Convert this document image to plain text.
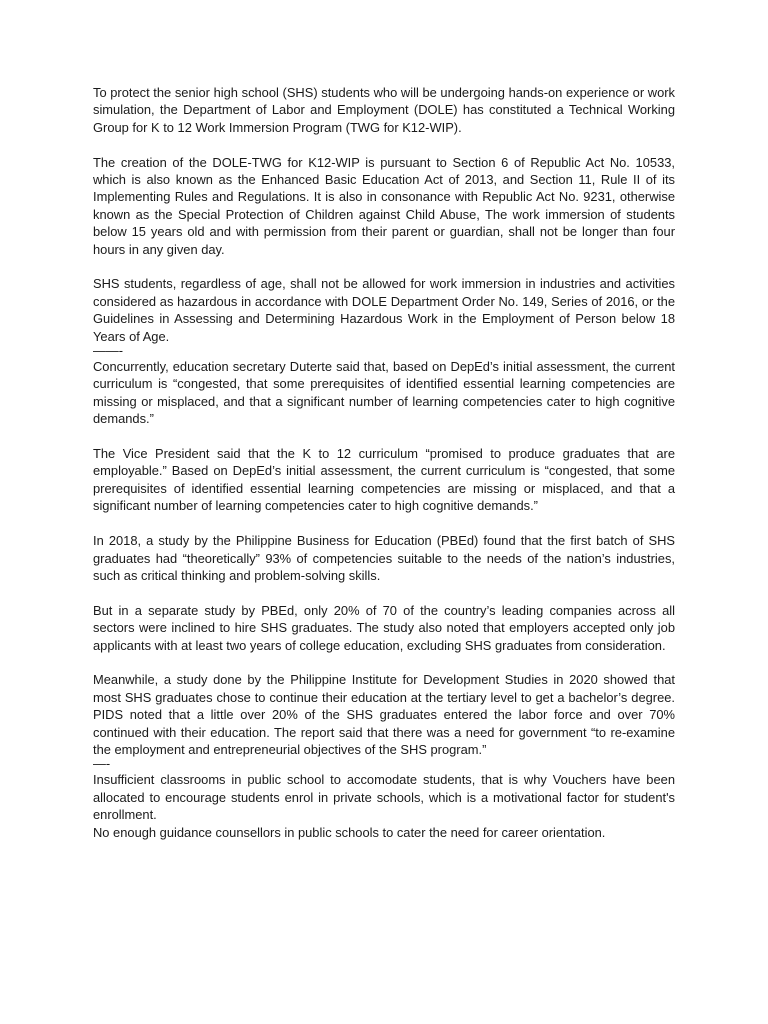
To protect the senior high school (SHS) students who will be undergoing hands-on experience or work simulation, the Department of Labor and Employment (DOLE) has constituted a Technical Working Group for K to 12 Work Immersion Program (TWG for K12-WIP).

The creation of the DOLE-TWG for K12-WIP is pursuant to Section 6 of Republic Act No. 10533, which is also known as the Enhanced Basic Education Act of 2013, and Section 11, Rule II of its Implementing Rules and Regulations. It is also in consonance with Republic Act No. 9231, otherwise known as the Special Protection of Children against Child Abuse, The work immersion of students below 15 years old and with permission from their parent or guardian, shall not be longer than four hours in any given day.

SHS students, regardless of age, shall not be allowed for work immersion in industries and activities considered as hazardous in accordance with DOLE Department Order No. 149, Series of 2016, or the Guidelines in Assessing and Determining Hazardous Work in the Employment of Person below 18 Years of Age.

——-

Concurrently, education secretary Duterte said that, based on DepEd’s initial assessment, the current curriculum is “congested, that some prerequisites of identified essential learning competencies are missing or misplaced, and that a significant number of learning competencies cater to high cognitive demands.”

The Vice President said that the K to 12 curriculum “promised to produce graduates that are employable.” Based on DepEd’s initial assessment, the current curriculum is “congested, that some prerequisites of identified essential learning competencies are missing or misplaced, and that a significant number of learning competencies cater to high cognitive demands.”

In 2018, a study by the Philippine Business for Education (PBEd) found that the first batch of SHS graduates had “theoretically” 93% of competencies suitable to the needs of the nation’s industries, such as critical thinking and problem-solving skills.

But in a separate study by PBEd, only 20% of 70 of the country’s leading companies across all sectors were inclined to hire SHS graduates. The study also noted that employers accepted only job applicants with at least two years of college education, excluding SHS graduates from consideration.

Meanwhile, a study done by the Philippine Institute for Development Studies in 2020 showed that most SHS graduates chose to continue their education at the tertiary level to get a bachelor’s degree. PIDS noted that a little over 20% of the SHS graduates entered the labor force and over 70% continued with their education. The report said that there was a need for government “to re-examine the employment and entrepreneurial objectives of the SHS program.”

—-

Insufficient classrooms in public school to accomodate students, that is why Vouchers have been allocated to encourage students enrol in private schools, which is a motivational factor for student's enrollment.

No enough guidance counsellors in public schools to cater the need for career orientation.
